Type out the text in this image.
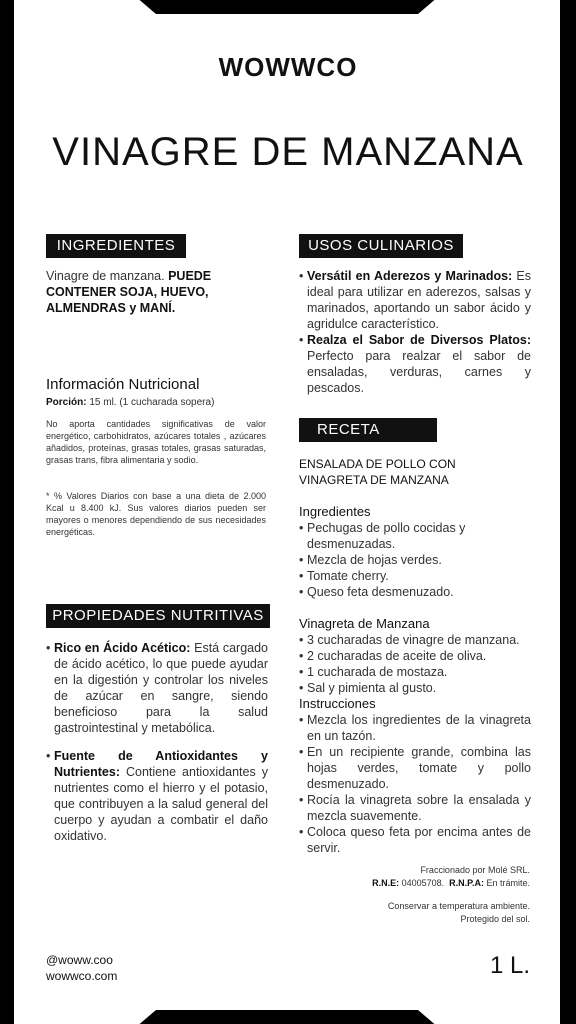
WOWWCO
VINAGRE DE MANZANA
INGREDIENTES
Vinagre de manzana. PUEDE CONTENER SOJA, HUEVO, ALMENDRAS y MANÍ.
Información Nutricional
Porción: 15 ml. (1 cucharada sopera)
No aporta cantidades significativas de valor energético, carbohidratos, azúcares totales , azúcares añadidos, proteínas, grasas totales, grasas saturadas, grasas trans, fibra alimentaria y sodio.
* % Valores Diarios con base a una dieta de 2.000 Kcal u 8.400 kJ. Sus valores diarios pueden ser mayores o menores dependiendo de sus necesidades energéticas.
PROPIEDADES NUTRITIVAS
• Rico en Ácido Acético: Está cargado de ácido acético, lo que puede ayudar en la digestión y controlar los niveles de azúcar en sangre, siendo beneficioso para la salud gastrointestinal y metabólica.
• Fuente de Antioxidantes y Nutrientes: Contiene antioxidantes y nutrientes como el hierro y el potasio, que contribuyen a la salud general del cuerpo y ayudan a combatir el daño oxidativo.
USOS CULINARIOS
• Versátil en Aderezos y Marinados: Es ideal para utilizar en aderezos, salsas y marinados, aportando un sabor ácido y agridulce característico.
• Realza el Sabor de Diversos Platos: Perfecto para realzar el sabor de ensaladas, verduras, carnes y pescados.
RECETA
ENSALADA DE POLLO CON
VINAGRETA DE MANZANA
Ingredientes
• Pechugas de pollo cocidas y desmenuzadas.
• Mezcla de hojas verdes.
• Tomate cherry.
• Queso feta desmenuzado.
Vinagreta de Manzana
• 3 cucharadas de vinagre de manzana.
• 2 cucharadas de aceite de oliva.
• 1 cucharada de mostaza.
• Sal y pimienta al gusto.
Instrucciones
• Mezcla los ingredientes de la vinagreta en un tazón.
• En un recipiente grande, combina las hojas verdes, tomate y pollo desmenuzado.
• Rocía la vinagreta sobre la ensalada y mezcla suavemente.
• Coloca queso feta por encima antes de servir.
Fraccionado por Molé SRL.
R.N.E: 04005708. R.N.P.A: En trámite.
Conservar a temperatura ambiente.
Protegido del sol.
@woww.coo
wowwco.com	1 L.
